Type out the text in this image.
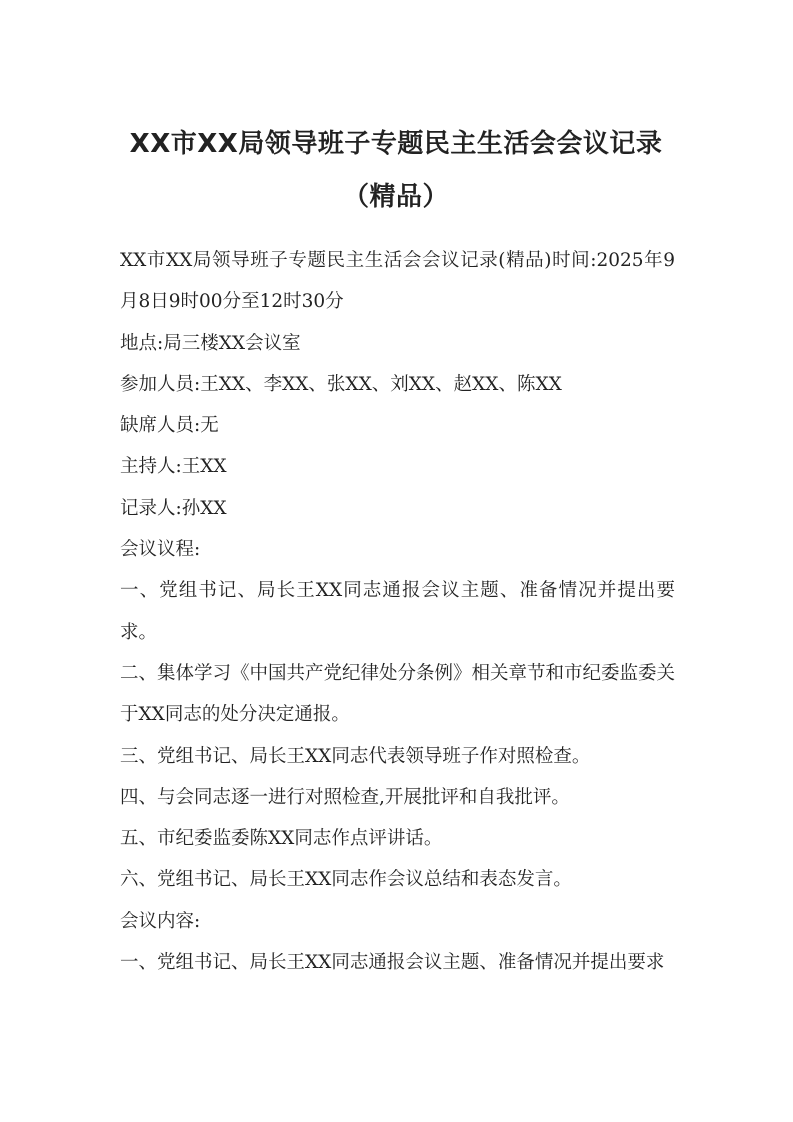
XX市XX局领导班子专题民主生活会会议记录（精品）

XX市XX局领导班子专题民主生活会会议记录(精品)时间:2025年9月8日9时00分至12时30分

地点:局三楼XX会议室

参加人员:王XX、李XX、张XX、刘XX、赵XX、陈XX

缺席人员:无

主持人:王XX

记录人:孙XX

会议议程:

一、党组书记、局长王XX同志通报会议主题、准备情况并提出要求。

二、集体学习《中国共产党纪律处分条例》相关章节和市纪委监委关于XX同志的处分决定通报。

三、党组书记、局长王XX同志代表领导班子作对照检查。

四、与会同志逐一进行对照检查,开展批评和自我批评。

五、市纪委监委陈XX同志作点评讲话。

六、党组书记、局长王XX同志作会议总结和表态发言。

会议内容:

一、党组书记、局长王XX同志通报会议主题、准备情况并提出要求
